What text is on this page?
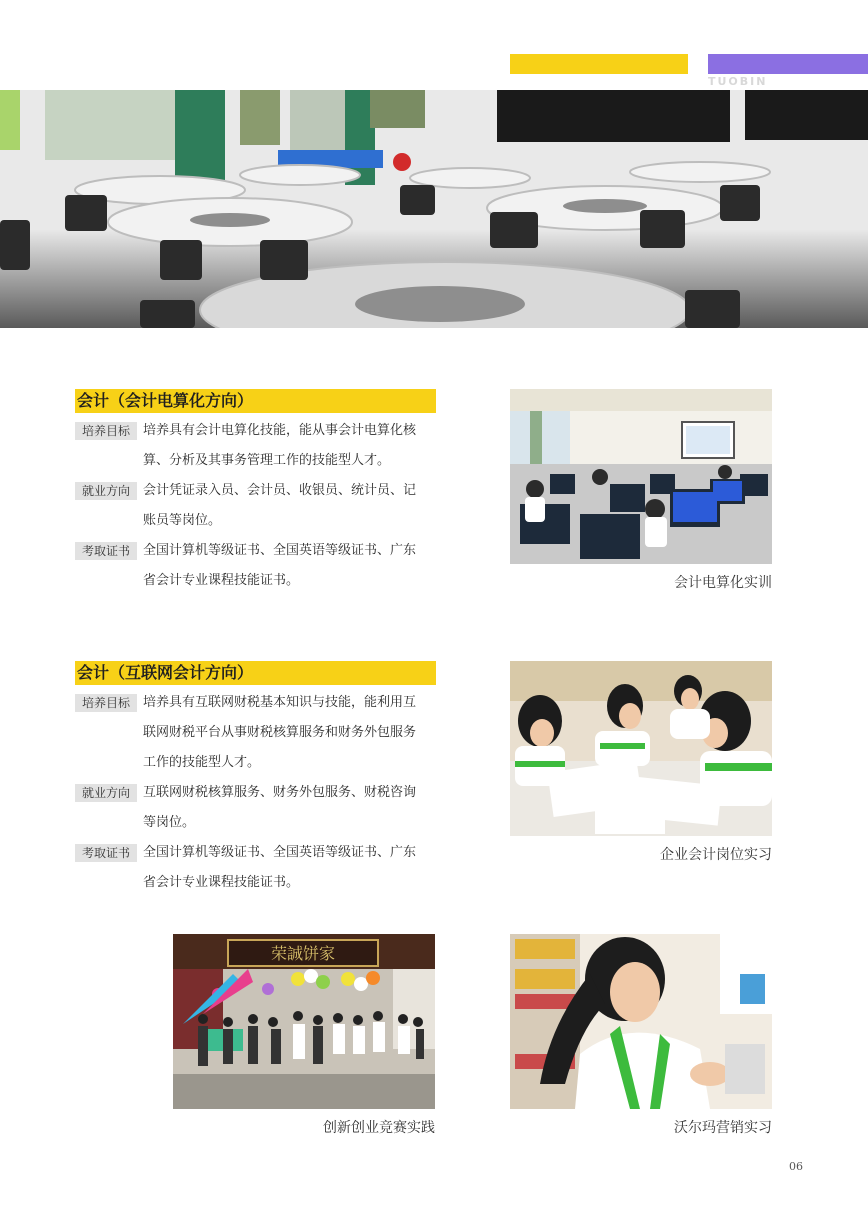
TUOBIN
会计（会计电算化方向）
培养目标	培养具有会计电算化技能，能从事会计电算化核
算、分析及其事务管理工作的技能型人才。
就业方向	会计凭证录入员、会计员、收银员、统计员、记
账员等岗位。
考取证书	全国计算机等级证书、全国英语等级证书、广东
省会计专业课程技能证书。	会计电算化实训
会计（互联网会计方向）
培养目标	培养具有互联网财税基本知识与技能，能利用互
联网财税平台从事财税核算服务和财务外包服务
工作的技能型人才。
就业方向	互联网财税核算服务、财务外包服务、财税咨询
等岗位。
考取证书	全国计算机等级证书、全国英语等级证书、广东
省会计专业课程技能证书。
企业会计岗位实习
荣誠饼家
创新创业竞赛实践	沃尔玛营销实习
06
